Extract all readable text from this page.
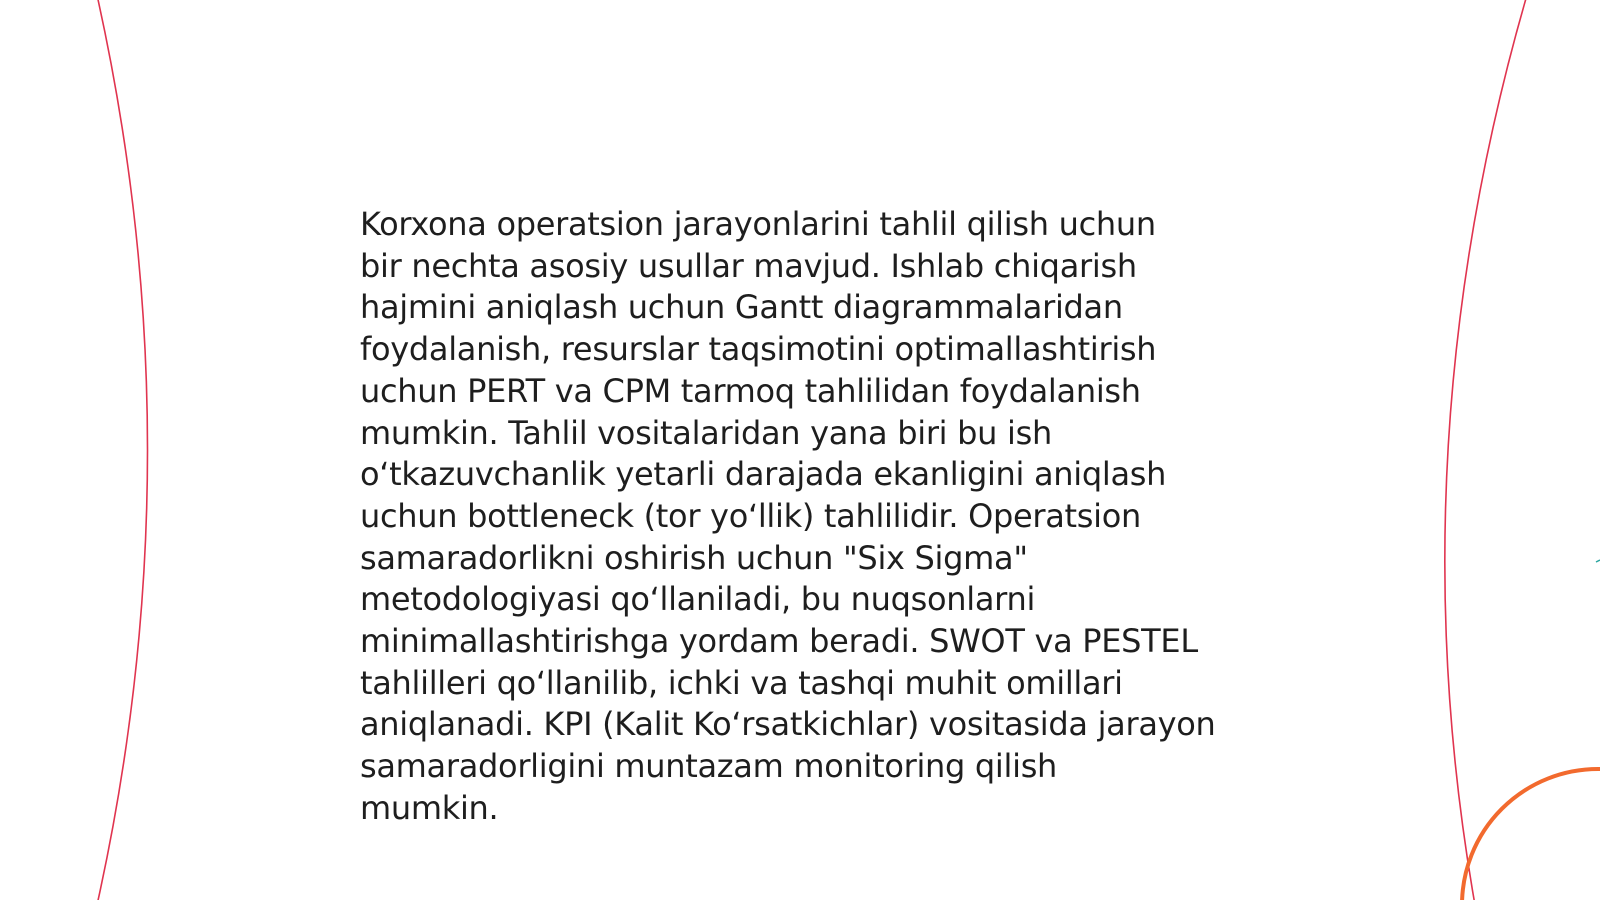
Korxona operatsion jarayonlarini tahlil qilish uchun
bir nechta asosiy usullar mavjud. Ishlab chiqarish
hajmini aniqlash uchun Gantt diagrammalaridan
foydalanish, resurslar taqsimotini optimallashtirish
uchun PERT va CPM tarmoq tahlilidan foydalanish
mumkin. Tahlil vositalaridan yana biri bu ish
o‘tkazuvchanlik yetarli darajada ekanligini aniqlash
uchun bottleneck (tor yo‘llik) tahlilidir. Operatsion
samaradorlikni oshirish uchun "Six Sigma"
metodologiyasi qo‘llaniladi, bu nuqsonlarni
minimallashtirishga yordam beradi. SWOT va PESTEL
tahlilleri qo‘llanilib, ichki va tashqi muhit omillari
aniqlanadi. KPI (Kalit Ko‘rsatkichlar) vositasida jarayon
samaradorligini muntazam monitoring qilish
mumkin.
